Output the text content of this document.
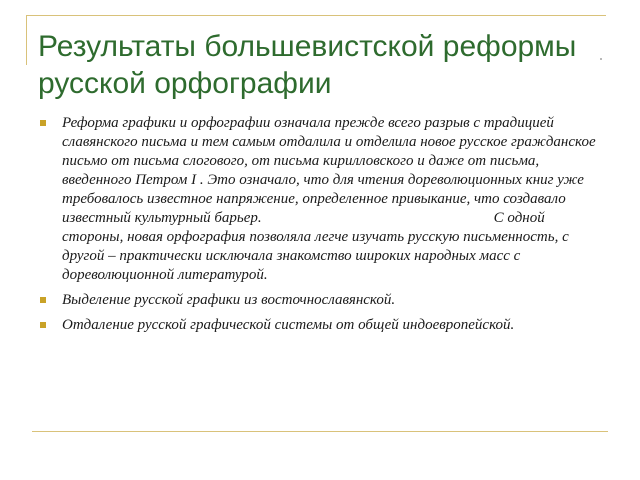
Результаты большевистской реформы русской орфографии
Реформа графики и орфографии означала прежде всего разрыв с традицией славянского письма и тем самым отдалила и отделила новое русское гражданское письмо от письма слогового, от письма кирилловского и даже от письма, введенного Петром I . Это означало, что для чтения дореволюционных книг уже требовалось известное напряжение, определенное привыкание, что создавало известный культурный барьер.	С одной стороны, новая орфография позволяла легче изучать русскую письменность, с другой – практически исключала знакомство широких народных масс с дореволюционной литературой.
Выделение русской графики из восточнославянской.
Отдаление русской графической системы от общей индоевропейской.
